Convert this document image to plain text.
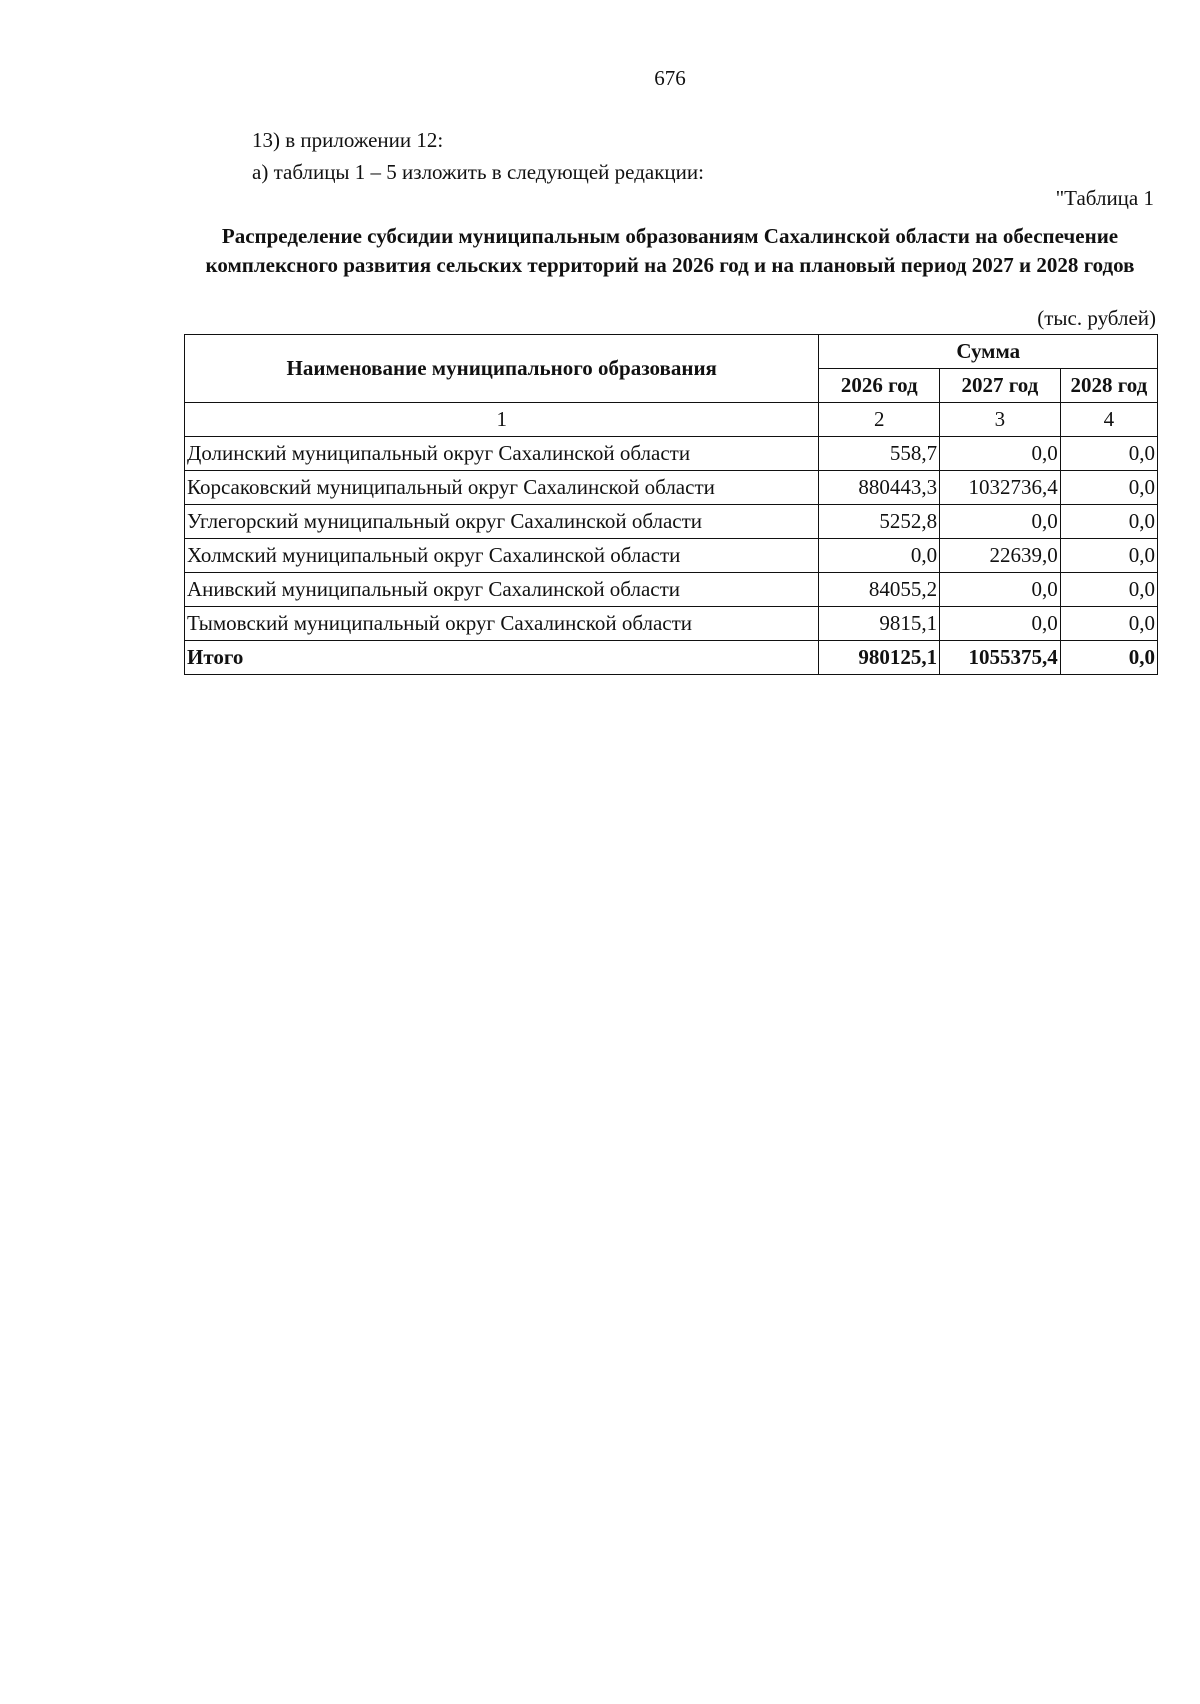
676
13) в приложении 12:
а) таблицы 1 – 5 изложить в следующей редакции:
"Таблица 1
Распределение субсидии муниципальным образованиям Сахалинской области на обеспечение комплексного развития сельских территорий на 2026 год и на плановый период 2027 и 2028 годов
(тыс. рублей)
Наименование муниципального образования	Сумма		
	2026 год	2027 год	2028 год
1	2	3	4
Долинский муниципальный округ Сахалинской области	558,7	0,0	0,0
Корсаковский муниципальный округ Сахалинской области	880443,3	1032736,4	0,0
Углегорский муниципальный округ Сахалинской области	5252,8	0,0	0,0
Холмский муниципальный округ Сахалинской области	0,0	22639,0	0,0
Анивский муниципальный округ Сахалинской области	84055,2	0,0	0,0
Тымовский муниципальный округ Сахалинской области	9815,1	0,0	0,0
Итого	980125,1	1055375,4	0,0
